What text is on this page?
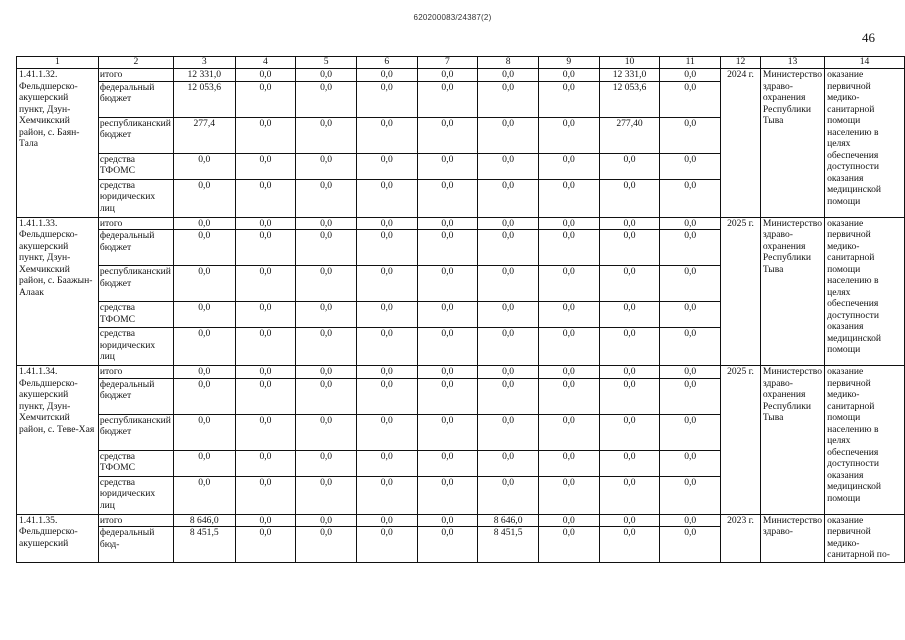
620200083/24387(2)
46
1	2	3	4	5	6	7	8	9	10	11	12	13	14
1.41.1.32. Фельдшерско-акушерский пункт, Дзун-Хемчикский район, с. Баян-Тала	итого	12 331,0	0,0	0,0	0,0	0,0	0,0	0,0	12 331,0	0,0	2024 г.	Министерство здраво-охранения Республики Тыва	оказание первичной медико-санитарной помощи населению в целях обеспечения доступности оказания медицинской помощи
	федеральный бюджет	12 053,6	0,0	0,0	0,0	0,0	0,0	0,0	12 053,6	0,0			
	республиканский бюджет	277,4	0,0	0,0	0,0	0,0	0,0	0,0	277,40	0,0			
	средства ТФОМС	0,0	0,0	0,0	0,0	0,0	0,0	0,0	0,0	0,0			
	средства юридических лиц	0,0	0,0	0,0	0,0	0,0	0,0	0,0	0,0	0,0			
1.41.1.33. Фельдшерско-акушерский пункт, Дзун-Хемчикский район, с. Баажын-Алаак	итого	0,0	0,0	0,0	0,0	0,0	0,0	0,0	0,0	0,0	2025 г.	Министерство здраво-охранения Республики Тыва	оказание первичной медико-санитарной помощи населению в целях обеспечения доступности оказания медицинской помощи
	федеральный бюджет	0,0	0,0	0,0	0,0	0,0	0,0	0,0	0,0	0,0			
	республиканский бюджет	0,0	0,0	0,0	0,0	0,0	0,0	0,0	0,0	0,0			
	средства ТФОМС	0,0	0,0	0,0	0,0	0,0	0,0	0,0	0,0	0,0			
	средства юридических лиц	0,0	0,0	0,0	0,0	0,0	0,0	0,0	0,0	0,0			
1.41.1.34. Фельдшерско-акушерский пункт, Дзун-Хемчитский район, с. Теве-Хая	итого	0,0	0,0	0,0	0,0	0,0	0,0	0,0	0,0	0,0	2025 г.	Министерство здраво-охранения Республики Тыва	оказание первичной медико-санитарной помощи населению в целях обеспечения доступности оказания медицинской помощи
	федеральный бюджет	0,0	0,0	0,0	0,0	0,0	0,0	0,0	0,0	0,0			
	республиканский бюджет	0,0	0,0	0,0	0,0	0,0	0,0	0,0	0,0	0,0			
	средства ТФОМС	0,0	0,0	0,0	0,0	0,0	0,0	0,0	0,0	0,0			
	средства юридических лиц	0,0	0,0	0,0	0,0	0,0	0,0	0,0	0,0	0,0			
1.41.1.35. Фельдшерско-акушерский	итого	8 646,0	0,0	0,0	0,0	0,0	8 646,0	0,0	0,0	0,0	2023 г.	Министерство здраво-	оказание первичной медико-санитарной по-
	федеральный бюд-	8 451,5	0,0	0,0	0,0	0,0	8 451,5	0,0	0,0	0,0			
